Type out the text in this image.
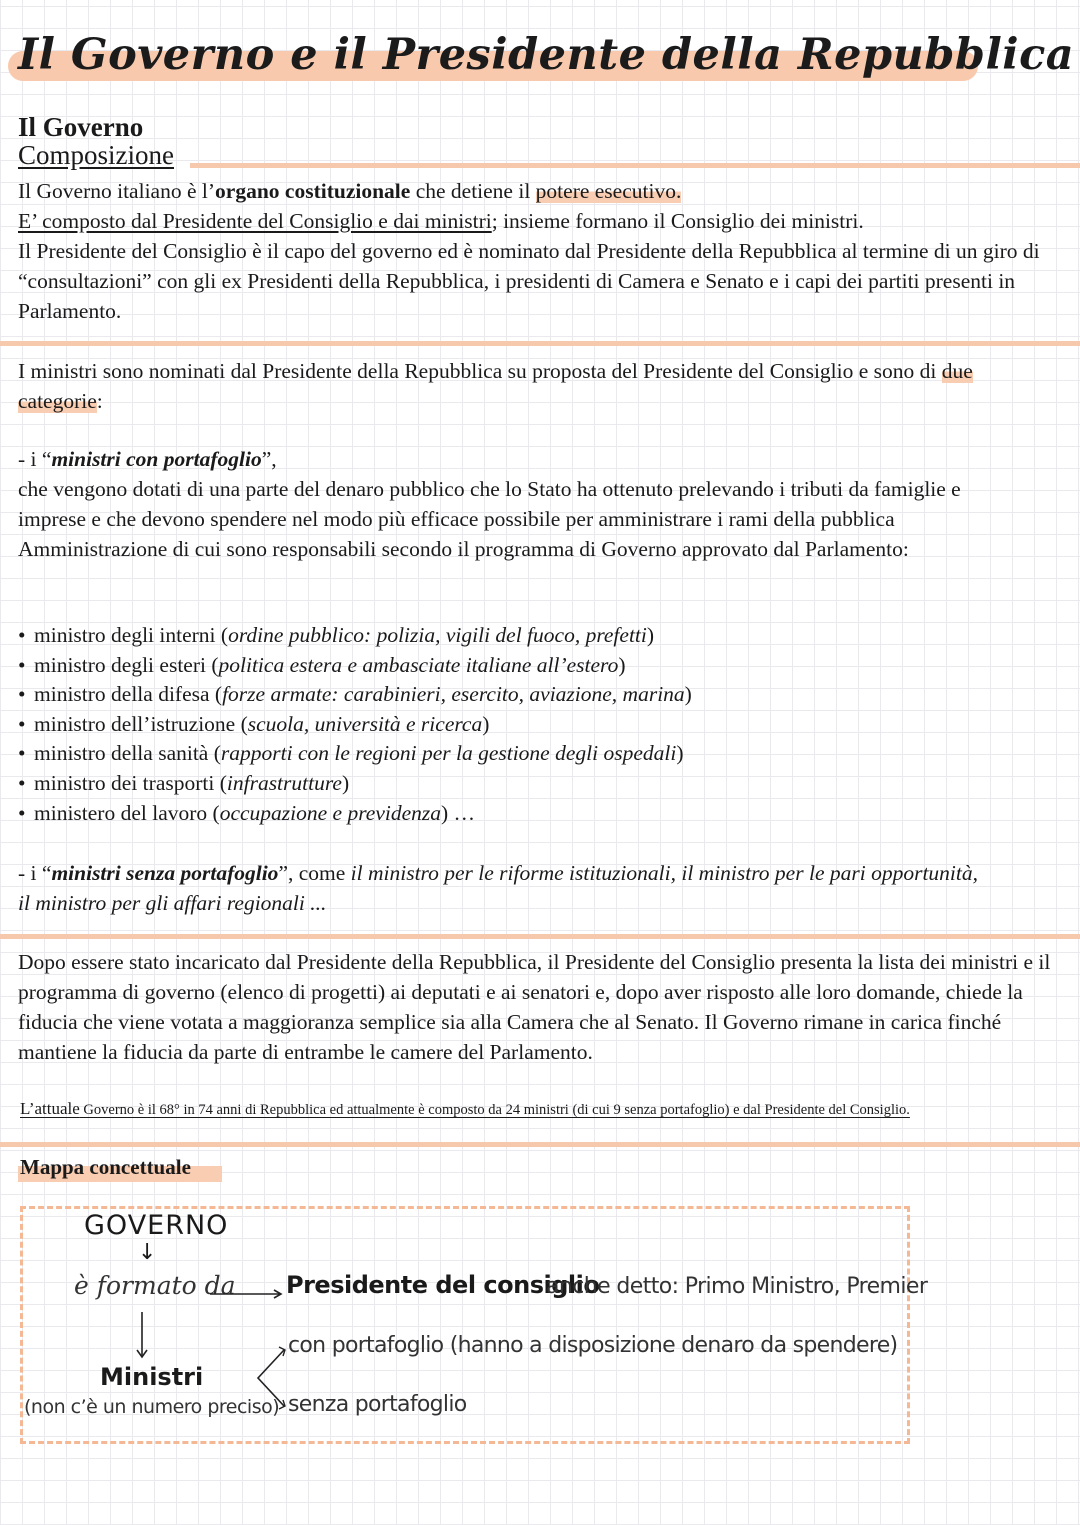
Il Governo e il Presidente della Repubblica
Il Governo
Composizione

Il Governo italiano è l’organo costituzionale che detiene il potere esecutivo.

E’ composto dal Presidente del Consiglio e dai ministri; insieme formano il Consiglio dei ministri.

Il Presidente del Consiglio è il capo del governo ed è nominato dal Presidente della Repubblica al termine di un giro di “consultazioni” con gli ex Presidenti della Repubblica, i presidenti di Camera e Senato e i capi dei partiti presenti in Parlamento.

I ministri sono nominati dal Presidente della Repubblica su proposta del Presidente del Consiglio e sono di due categorie:

- i “ministri con portafoglio”,

che vengono dotati di una parte del denaro pubblico che lo Stato ha ottenuto prelevando i tributi da famiglie e imprese e che devono spendere nel modo più efficace possibile per amministrare i rami della pubblica Amministrazione di cui sono responsabili secondo il programma di Governo approvato dal Parlamento:

• ministro degli interni (ordine pubblico: polizia, vigili del fuoco, prefetti)
• ministro degli esteri (politica estera e ambasciate italiane all’estero)
• ministro della difesa (forze armate: carabinieri, esercito, aviazione, marina)
• ministro dell’istruzione (scuola, università e ricerca)
• ministro della sanità (rapporti con le regioni per la gestione degli ospedali)
• ministro dei trasporti (infrastrutture)
• ministero del lavoro (occupazione e previdenza) …

- i “ministri senza portafoglio”, come il ministro per le riforme istituzionali, il ministro per le pari opportunità, il ministro per gli affari regionali ...

Dopo essere stato incaricato dal Presidente della Repubblica, il Presidente del Consiglio presenta la lista dei ministri e il programma di governo (elenco di progetti) ai deputati e ai senatori e, dopo aver risposto alle loro domande, chiede la fiducia che viene votata a maggioranza semplice sia alla Camera che al Senato. Il Governo rimane in carica finché mantiene la fiducia da parte di entrambe le camere del Parlamento.

L’attuale Governo è il 68° in 74 anni di Repubblica ed attualmente è composto da 24 ministri (di cui 9 senza portafoglio) e dal Presidente del Consiglio.
Mappa concettuale
GOVERNO
↓
è formato da Presidente del consiglio
anche detto: Primo Ministro, Premier
Ministri
(non c’è un numero preciso)
con portafoglio (hanno a disposizione denaro da spendere)
senza portafoglio
